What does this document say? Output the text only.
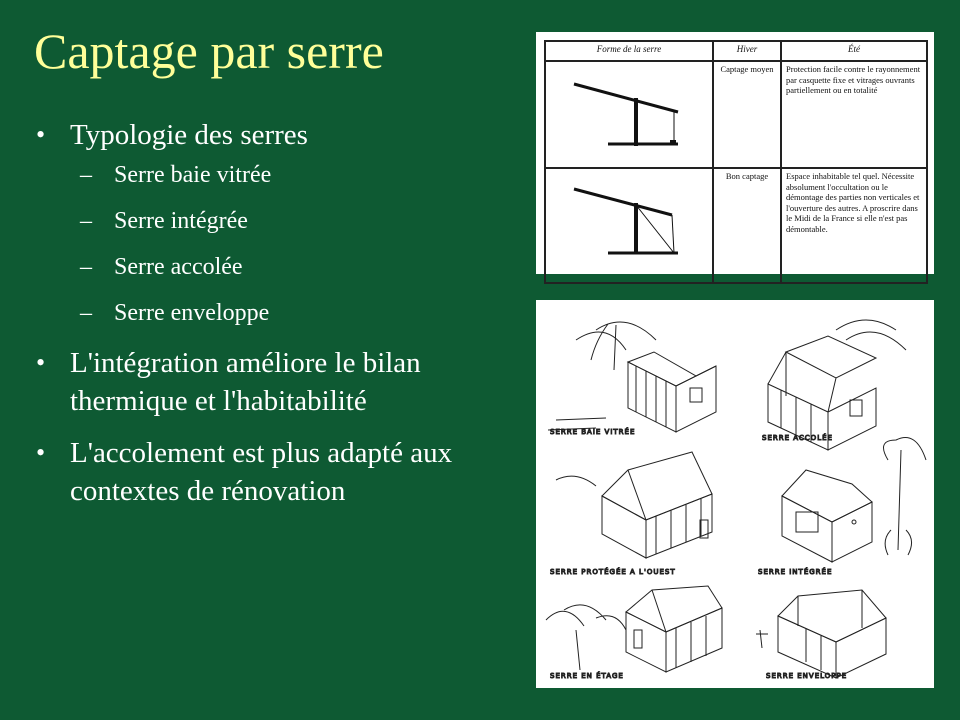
Captage par serre
• Typologie des serres
– Serre baie vitrée
– Serre intégrée
– Serre accolée
– Serre enveloppe
• L'intégration améliore le bilan thermique et l'habitabilité
• L'accolement est plus adapté aux contextes de rénovation
Forme de la serre	Hiver	Été
	Captage moyen	Protection facile contre le rayonnement par casquette fixe et vitrages ouvrants partiellement ou en totalité
	Bon captage	Espace inhabitable tel quel. Nécessite absolument l'occultation ou le démontage des parties non verticales et l'ouverture des autres. A proscrire dans le Midi de la France si elle n'est pas démontable.
SERRE BAIE VITRÉE
SERRE ACCOLÉE
SERRE PROTÉGÉE A L'OUEST	SERRE INTÉGRÉE
SERRE EN ÉTAGE	SERRE ENVELOPPE
